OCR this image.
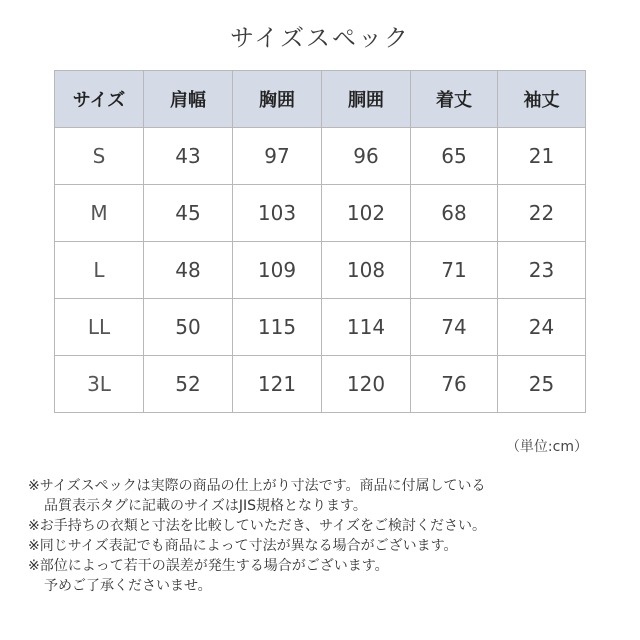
サイズスペック
サイズ	肩幅	胸囲	胴囲	着丈	袖丈
S	43	97	96	65	21
M	45	103	102	68	22
L	48	109	108	71	23
LL	50	115	114	74	24
3L	52	121	120	76	25
（単位:cm）
※サイズスペックは実際の商品の仕上がり寸法です。商品に付属している
品質表示タグに記載のサイズはJIS規格となります。
※お手持ちの衣類と寸法を比較していただき、サイズをご検討ください。
※同じサイズ表記でも商品によって寸法が異なる場合がございます。
※部位によって若干の誤差が発生する場合がございます。
予めご了承くださいませ。
